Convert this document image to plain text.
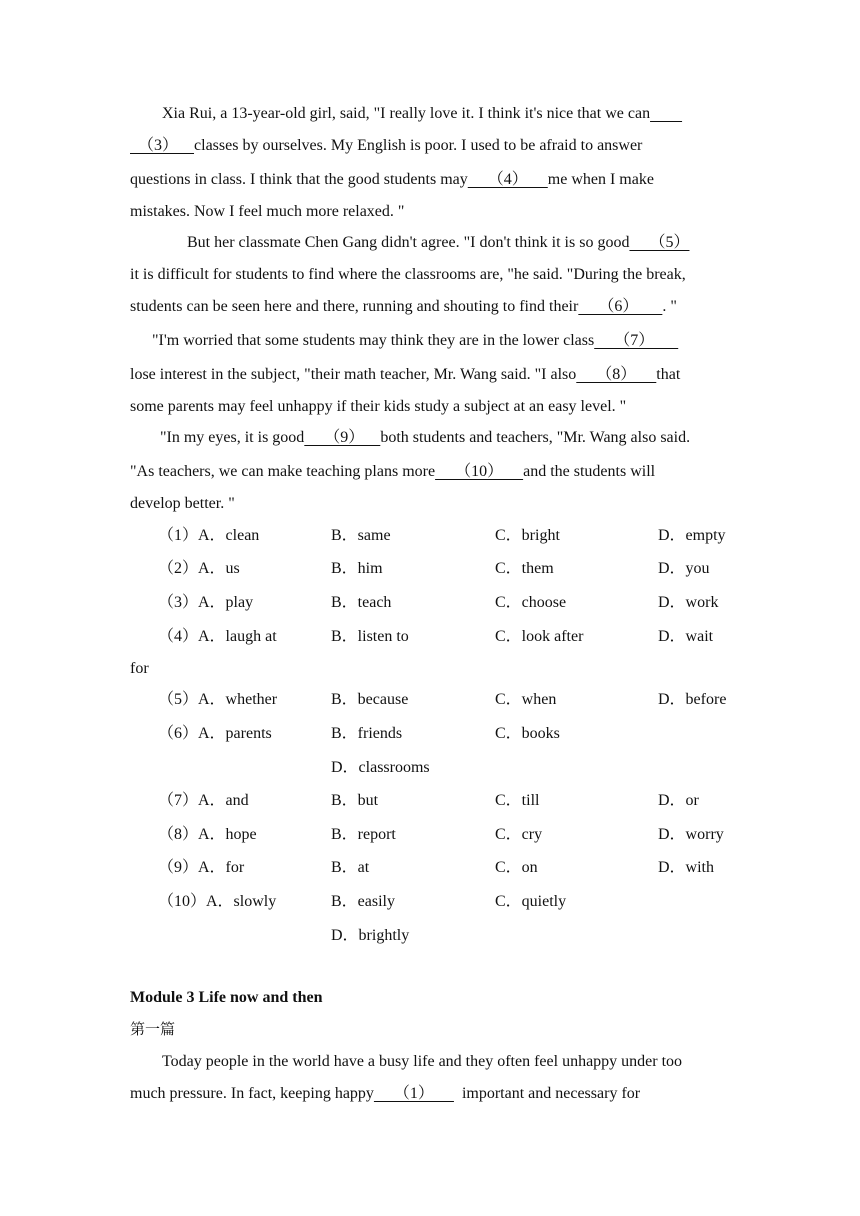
Xia Rui, a 13-year-old girl, said, "I really love it. I think it's nice that we can
（3）    classes by ourselves. My English is poor. I used to be afraid to answer
questions in class. I think that the good students may     （4）     me when I make
mistakes. Now I feel much more relaxed. "
But her classmate Chen Gang didn't agree. "I don't think it is so good     （5）
it is difficult for students to find where the classrooms are, "he said. "During the break,
students can be seen here and there, running and shouting to find their     （6）      . "
"I'm worried that some students may think they are in the lower class     （7）
lose interest in the subject, "their math teacher, Mr. Wang said. "I also     （8）     that
some parents may feel unhappy if their kids study a subject at an easy level. "
"In my eyes, it is good     （9）    both students and teachers, "Mr. Wang also said.
"As teachers, we can make teaching plans more     （10）     and the students will
develop better. "
（1）A．clean	B．same	C．bright	D．empty
（2）A．us	B．him	C．them	D．you
（3）A．play	B．teach	C．choose	D．work
（4）A．laugh at	B．listen to	C．look after	D．wait
for
（5）A．whether	B．because	C．when	D．before
（6）A．parents	B．friends	C．books
D．classrooms
（7）A．and	B．but	C．till	D．or
（8）A．hope	B．report	C．cry	D．worry
（9）A．for	B．at	C．on	D．with
（10）A．slowly	B．easily	C．quietly
D．brightly
Module 3 Life now and then
第一篇
Today people in the world have a busy life and they often feel unhappy under too
much pressure. In fact, keeping happy     （1）       important and necessary for
